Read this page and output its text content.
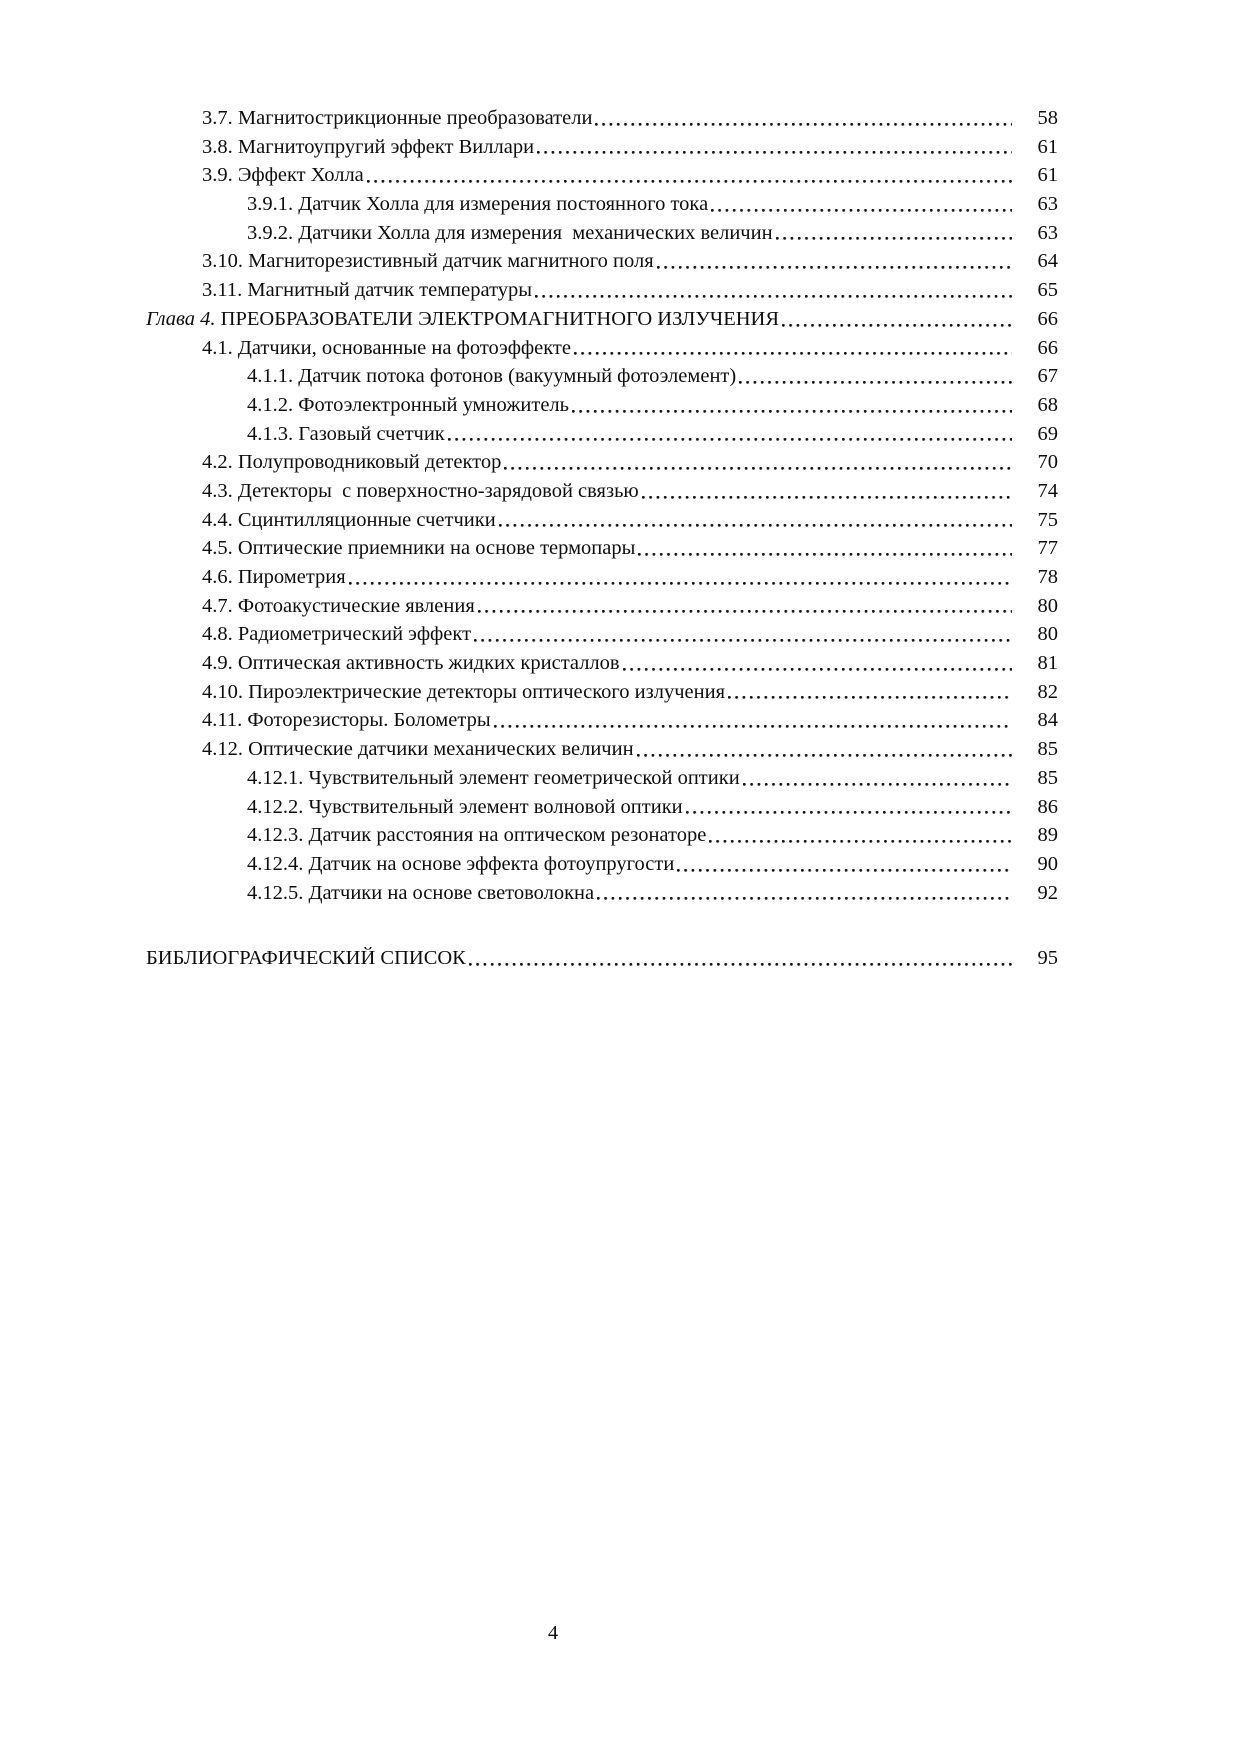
3.7. Магнитострикционные преобразователи	58
3.8. Магнитоупругий эффект Виллари	61
3.9. Эффект Холла	61
3.9.1. Датчик Холла для измерения постоянного тока	63
3.9.2. Датчики Холла для измерения  механических величин	63
3.10. Магниторезистивный датчик магнитного поля	64
3.11. Магнитный датчик температуры	65
Глава 4. ПРЕОБРАЗОВАТЕЛИ ЭЛЕКТРОМАГНИТНОГО ИЗЛУЧЕНИЯ	66
4.1. Датчики, основанные на фотоэффекте	66
4.1.1. Датчик потока фотонов (вакуумный фотоэлемент)	67
4.1.2. Фотоэлектронный умножитель	68
4.1.3. Газовый счетчик	69
4.2. Полупроводниковый детектор	70
4.3. Детекторы  с поверхностно-зарядовой связью	74
4.4. Сцинтилляционные счетчики	75
4.5. Оптические приемники на основе термопары	77
4.6. Пирометрия	78
4.7. Фотоакустические явления	80
4.8. Радиометрический эффект	80
4.9. Оптическая активность жидких кристаллов	81
4.10. Пироэлектрические детекторы оптического излучения	82
4.11. Фоторезисторы. Болометры	84
4.12. Оптические датчики механических величин	85
4.12.1. Чувствительный элемент геометрической оптики	85
4.12.2. Чувствительный элемент волновой оптики	86
4.12.3. Датчик расстояния на оптическом резонаторе	89
4.12.4. Датчик на основе эффекта фотоупругости	90
4.12.5. Датчики на основе световолокна	92
БИБЛИОГРАФИЧЕСКИЙ СПИСОК	95
4
